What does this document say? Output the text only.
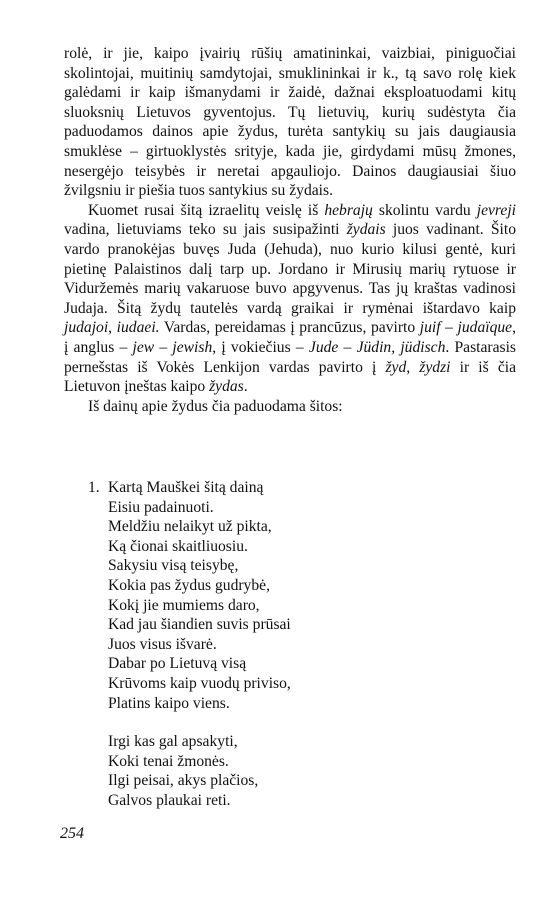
rolė, ir jie, kaipo įvairių rūšių amatininkai, vaizbiai, piniguočiai skolintojai, muitinių samdytojai, smuklininkai ir k., tą savo rolę kiek galėdami ir kaip išmanydami ir žaidė, dažnai eksploatuodami kitų sluoksnių Lietuvos gyventojus. Tų lietuvių, kurių sudėstyta čia paduodamos dainos apie žydus, turėta santykių su jais daugiausia smuklėse – girtuoklystės srityje, kada jie, girdydami mūsų žmones, nesergėjo teisybės ir neretai apgauliojo. Dainos daugiausiai šiuo žvilgsniu ir piešia tuos santykius su žydais.

Kuomet rusai šitą izraelitų veislę iš hebrajų skolintu vardu jevreji vadina, lietuviams teko su jais susipažinti žydais juos vadinant. Šito vardo pranokėjas buvęs Juda (Jehuda), nuo kurio kilusi gentė, kuri pietinę Palaistinos dalį tarp up. Jordano ir Mirusių marių rytuose ir Viduržemės marių vakaruose buvo apgyvenus. Tas jų kraštas vadinosi Judaja. Šitą žydų tautelės vardą graikai ir rymėnai ištardavo kaip judajoi, iudaei. Vardas, pereidamas į prancūzus, pavirto juif – judaïque, į anglus – jew – jewish, į vokiečius – Jude – Jüdin, jüdisch. Pastarasis pernešstas iš Vokės Lenkijon vardas pavirto į žyd, žydzi ir iš čia Lietuvon įneštas kaipo žydas.

Iš dainų apie žydus čia paduodama šitos:

1. Kartą Mauškei šitą dainą
Eisiu padainuoti.
Meldžiu nelaikyt už pikta,
Ką čionai skaitliuosiu.
Sakysiu visą teisybę,
Kokia pas žydus gudrybė,
Kokį jie mumiems daro,
Kad jau šiandien suvis prūsai
Juos visus išvarė.
Dabar po Lietuvą visą
Krūvoms kaip vuodų priviso,
Platins kaipo viens.
Irgi kas gal apsakyti,
Koki tenai žmonės.
Ilgi peisai, akys plačios,
Galvos plaukai reti.
254
